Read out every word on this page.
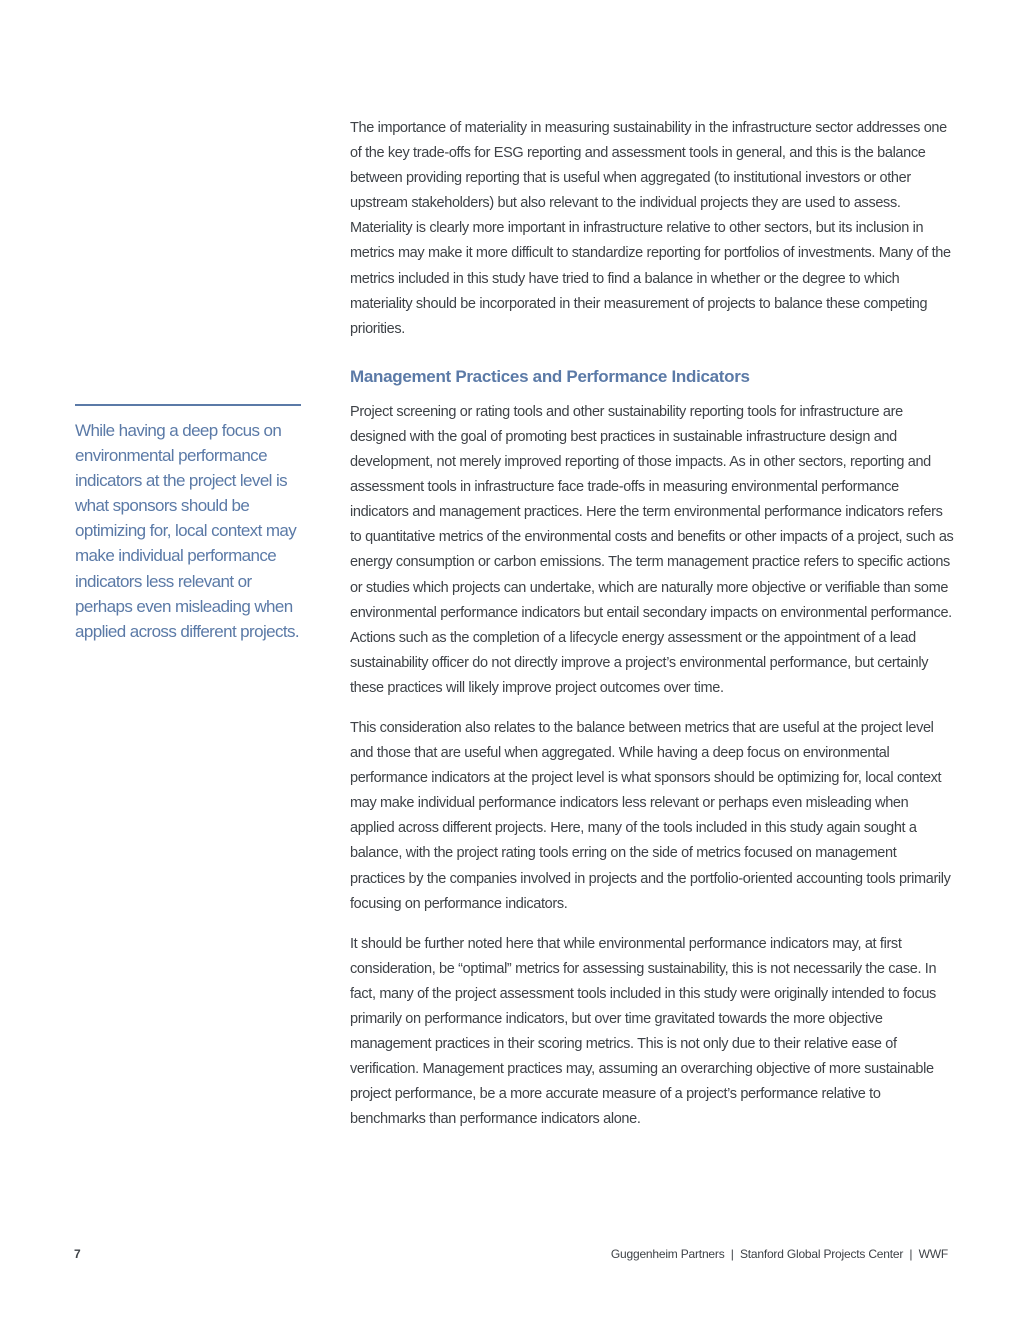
The importance of materiality in measuring sustainability in the infrastructure sector addresses one of the key trade-offs for ESG reporting and assessment tools in general, and this is the balance between providing reporting that is useful when aggregated (to institutional investors or other upstream stakeholders) but also relevant to the individual projects they are used to assess. Materiality is clearly more important in infrastructure relative to other sectors, but its inclusion in metrics may make it more difficult to standardize reporting for portfolios of investments. Many of the metrics included in this study have tried to find a balance in whether or the degree to which materiality should be incorporated in their measurement of projects to balance these competing priorities.

Management Practices and Performance Indicators

Project screening or rating tools and other sustainability reporting tools for infrastructure are designed with the goal of promoting best practices in sustainable infrastructure design and development, not merely improved reporting of those impacts. As in other sectors, reporting and assessment tools in infrastructure face trade-offs in measuring environmental performance indicators and management practices. Here the term environmental performance indicators refers to quantitative metrics of the environmental costs and benefits or other impacts of a project, such as energy consumption or carbon emissions. The term management practice refers to specific actions or studies which projects can undertake, which are naturally more objective or verifiable than some environmental performance indicators but entail secondary impacts on environmental performance. Actions such as the completion of a lifecycle energy assessment or the appointment of a lead sustainability officer do not directly improve a project’s environmental performance, but certainly these practices will likely improve project outcomes over time.

This consideration also relates to the balance between metrics that are useful at the project level and those that are useful when aggregated. While having a deep focus on environmental performance indicators at the project level is what sponsors should be optimizing for, local context may make individual performance indicators less relevant or perhaps even misleading when applied across different projects. Here, many of the tools included in this study again sought a balance, with the project rating tools erring on the side of metrics focused on management practices by the companies involved in projects and the portfolio-oriented accounting tools primarily focusing on performance indicators.

It should be further noted here that while environmental performance indicators may, at first consideration, be “optimal” metrics for assessing sustainability, this is not necessarily the case. In fact, many of the project assessment tools included in this study were originally intended to focus primarily on performance indicators, but over time gravitated towards the more objective management practices in their scoring metrics. This is not only due to their relative ease of verification. Management practices may, assuming an overarching objective of more sustainable project performance, be a more accurate measure of a project’s performance relative to benchmarks than performance indicators alone.

While having a deep focus on environmental performance indicators at the project level is what sponsors should be optimizing for, local context may make individual performance indicators less relevant or perhaps even misleading when applied across different projects.

7	Guggenheim Partners  |  Stanford Global Projects Center  |  WWF
